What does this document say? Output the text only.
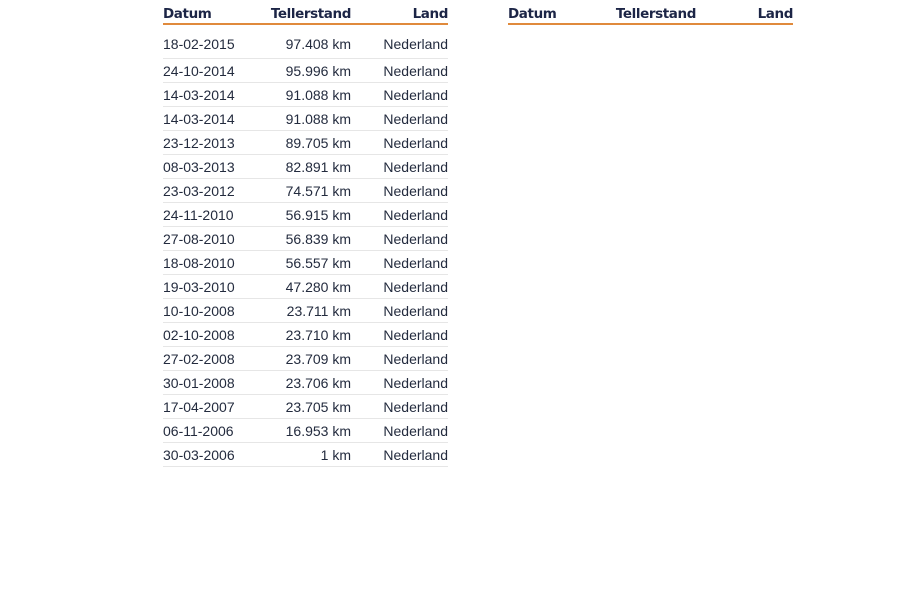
Datum	Tellerstand	Land
18-02-2015	97.408 km	Nederland
24-10-2014	95.996 km	Nederland
14-03-2014	91.088 km	Nederland
14-03-2014	91.088 km	Nederland
23-12-2013	89.705 km	Nederland
08-03-2013	82.891 km	Nederland
23-03-2012	74.571 km	Nederland
24-11-2010	56.915 km	Nederland
27-08-2010	56.839 km	Nederland
18-08-2010	56.557 km	Nederland
19-03-2010	47.280 km	Nederland
10-10-2008	23.711 km	Nederland
02-10-2008	23.710 km	Nederland
27-02-2008	23.709 km	Nederland
30-01-2008	23.706 km	Nederland
17-04-2007	23.705 km	Nederland
06-11-2006	16.953 km	Nederland
30-03-2006	1 km	Nederland
Datum	Tellerstand	Land
